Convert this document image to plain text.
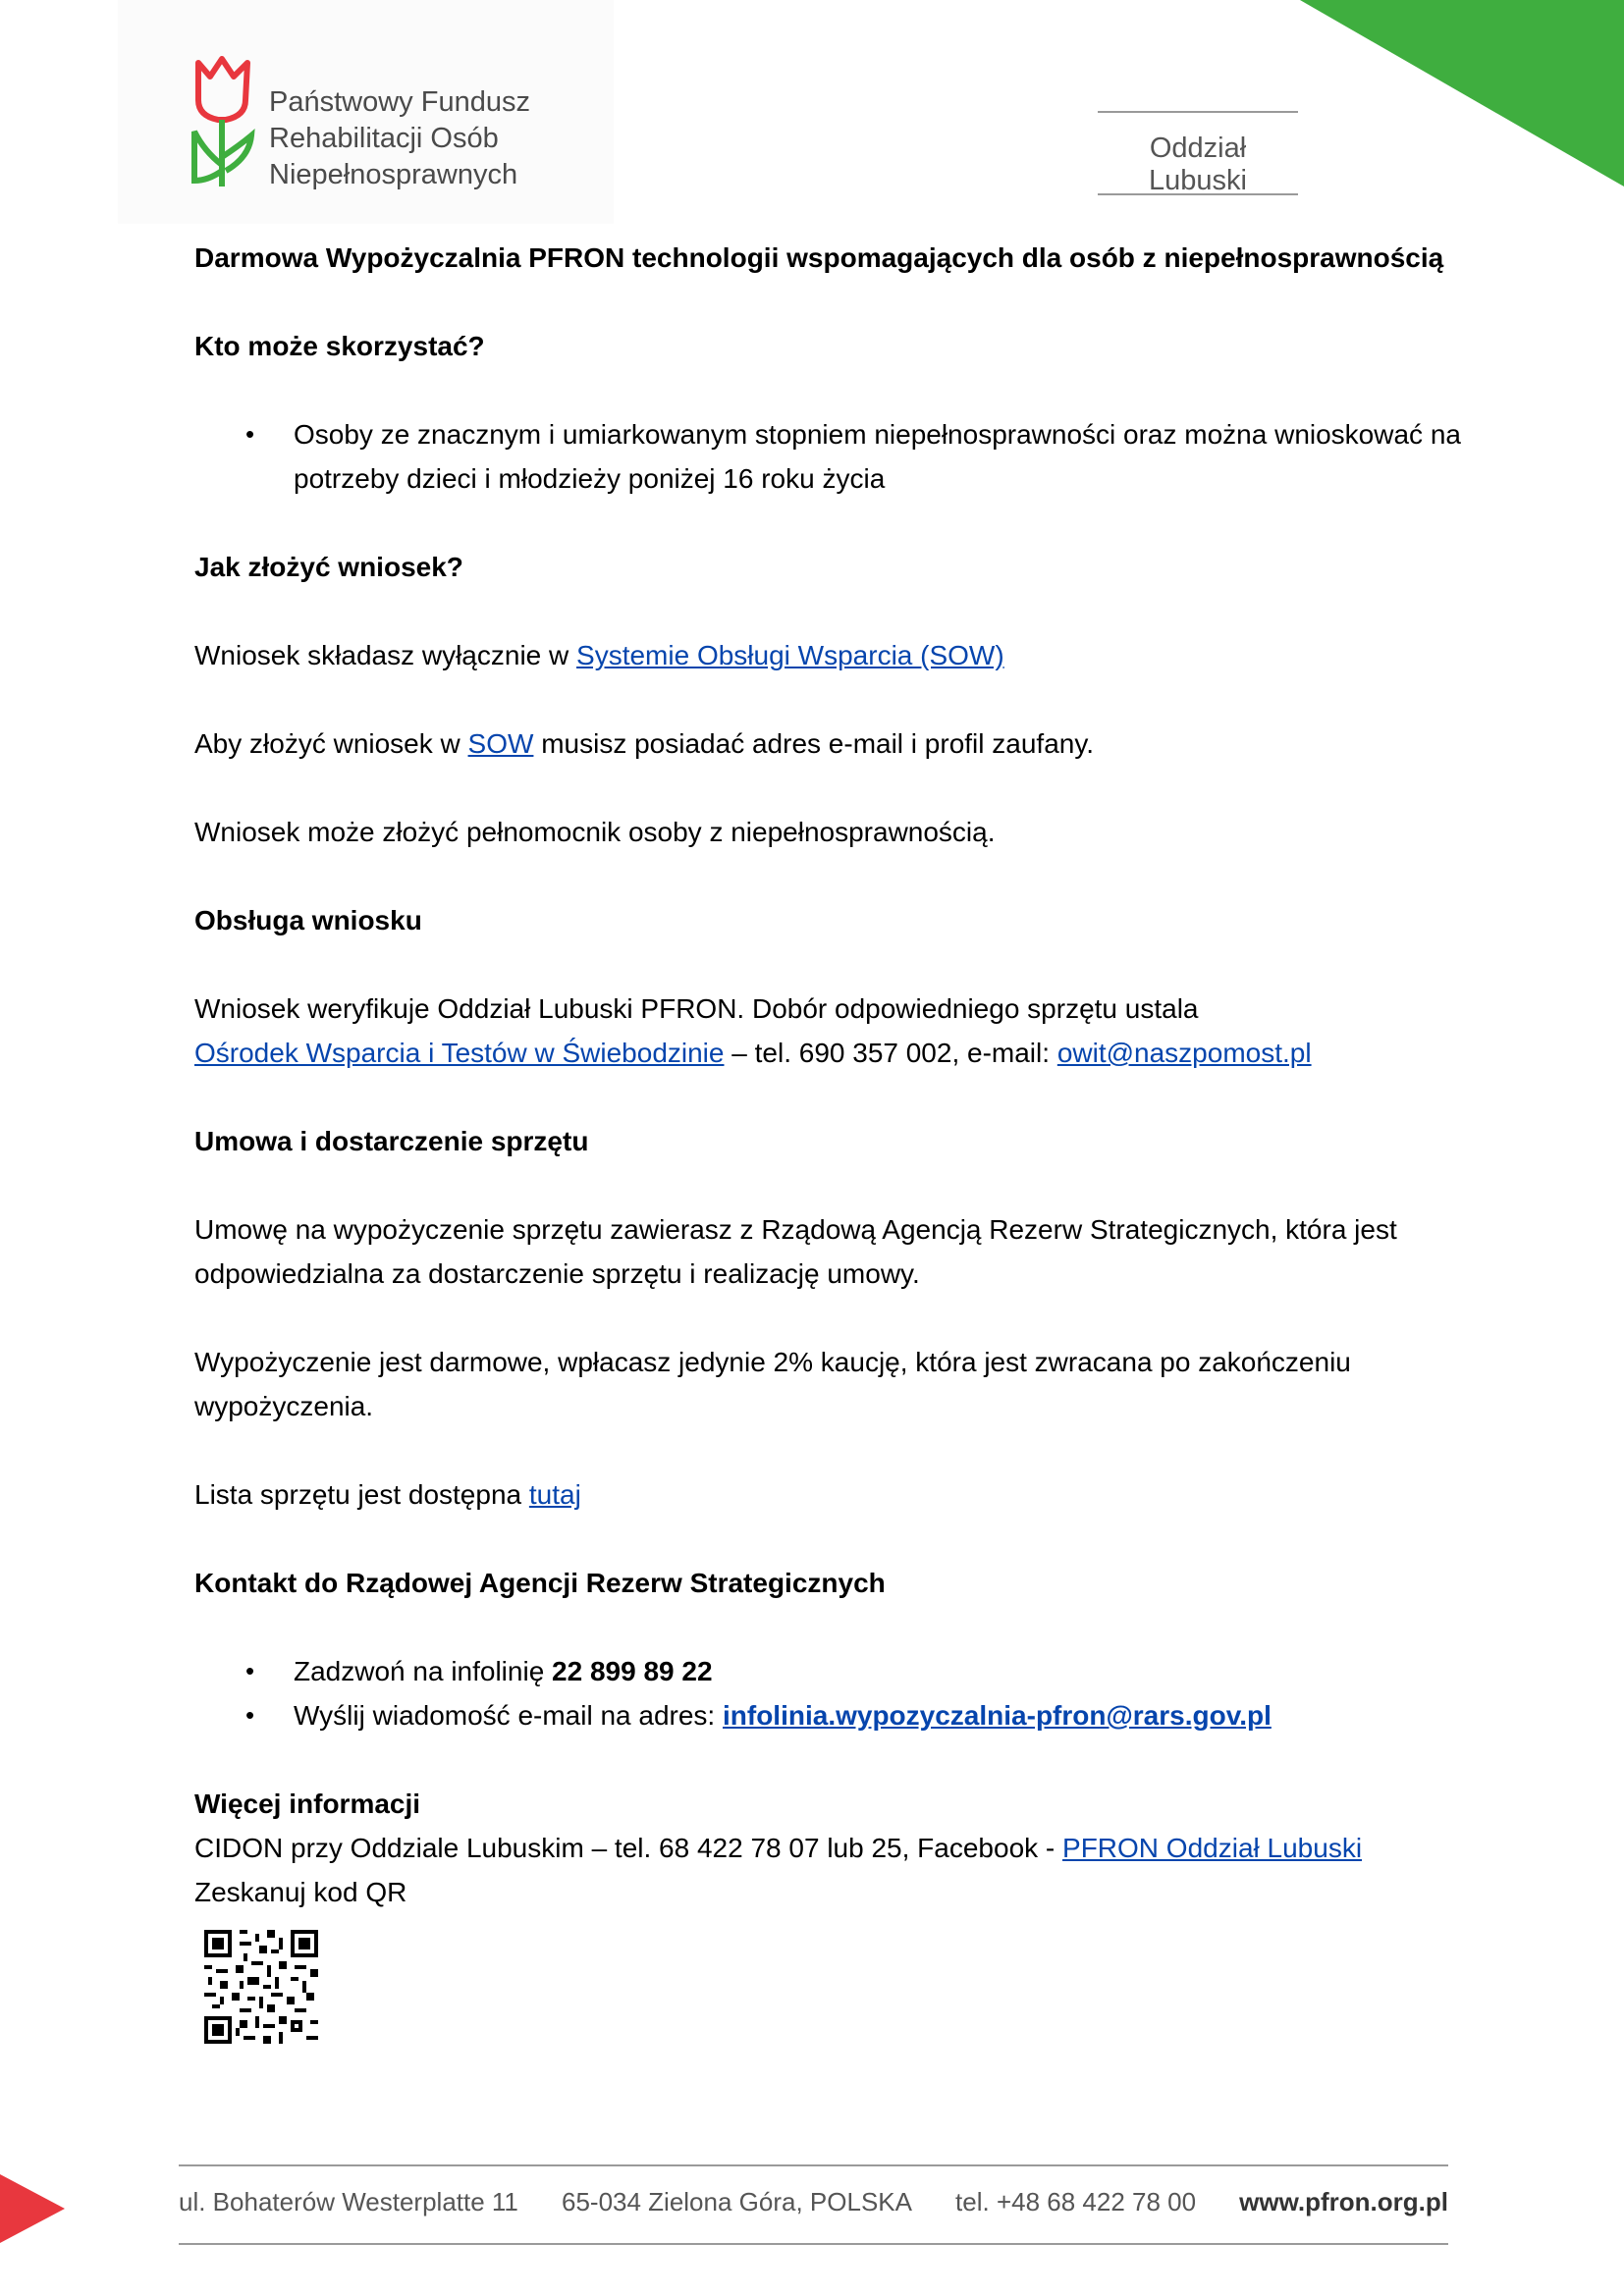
Państwowy Fundusz
Rehabilitacji Osób
Niepełnosprawnych
Oddział Lubuski

Darmowa Wypożyczalnia PFRON technologii wspomagających dla osób z niepełnosprawnością

Kto może skorzystać?

• Osoby ze znacznym i umiarkowanym stopniem niepełnosprawności oraz można wnioskować na potrzeby dzieci i młodzieży poniżej 16 roku życia

Jak złożyć wniosek?

Wniosek składasz wyłącznie w Systemie Obsługi Wsparcia (SOW)

Aby złożyć wniosek w SOW musisz posiadać adres e-mail i profil zaufany.

Wniosek może złożyć pełnomocnik osoby z niepełnosprawnością.

Obsługa wniosku

Wniosek weryfikuje Oddział Lubuski PFRON. Dobór odpowiedniego sprzętu ustala
Ośrodek Wsparcia i Testów w Świebodzinie – tel. 690 357 002, e-mail: owit@naszpomost.pl

Umowa i dostarczenie sprzętu

Umowę na wypożyczenie sprzętu zawierasz z Rządową Agencją Rezerw Strategicznych, która jest odpowiedzialna za dostarczenie sprzętu i realizację umowy.

Wypożyczenie jest darmowe, wpłacasz jedynie 2% kaucję, która jest zwracana po zakończeniu wypożyczenia.

Lista sprzętu jest dostępna tutaj

Kontakt do Rządowej Agencji Rezerw Strategicznych

• Zadzwoń na infolinię 22 899 89 22
• Wyślij wiadomość e-mail na adres: infolinia.wypozyczalnia-pfron@rars.gov.pl

Więcej informacji

CIDON przy Oddziale Lubuskim – tel. 68 422 78 07 lub 25, Facebook - PFRON Oddział Lubuski

Zeskanuj kod QR

ul. Bohaterów Westerplatte 11 65-034 Zielona Góra, POLSKA tel. +48 68 422 78 00 www.pfron.org.pl
